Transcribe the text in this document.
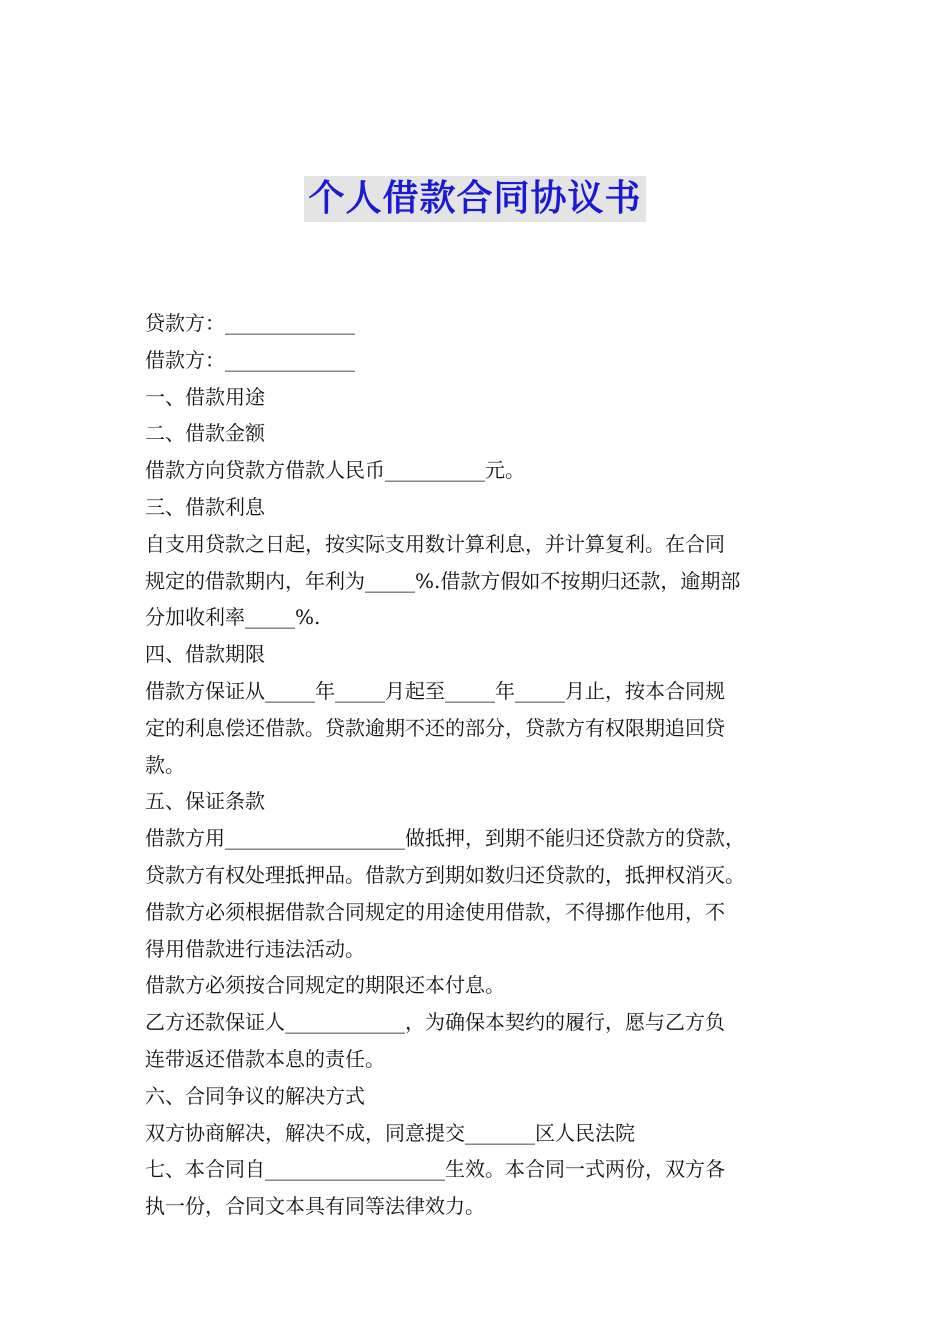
个人借款合同协议书
贷款方：_____________
借款方：_____________
一、借款用途
二、借款金额
借款方向贷款方借款人民币__________元。
三、借款利息
自支用贷款之日起，按实际支用数计算利息，并计算复利。在合同
规定的借款期内，年利为_____%.借款方假如不按期归还款，逾期部
分加收利率_____%.
四、借款期限
借款方保证从_____年_____月起至_____年_____月止，按本合同规
定的利息偿还借款。贷款逾期不还的部分，贷款方有权限期追回贷
款。
五、保证条款
借款方用__________________做抵押，到期不能归还贷款方的贷款，
贷款方有权处理抵押品。借款方到期如数归还贷款的，抵押权消灭。
借款方必须根据借款合同规定的用途使用借款，不得挪作他用，不
得用借款进行违法活动。
借款方必须按合同规定的期限还本付息。
乙方还款保证人____________，为确保本契约的履行，愿与乙方负
连带返还借款本息的责任。
六、合同争议的解决方式
双方协商解决，解决不成，同意提交_______区人民法院
七、本合同自__________________生效。本合同一式两份，双方各
执一份，合同文本具有同等法律效力。
